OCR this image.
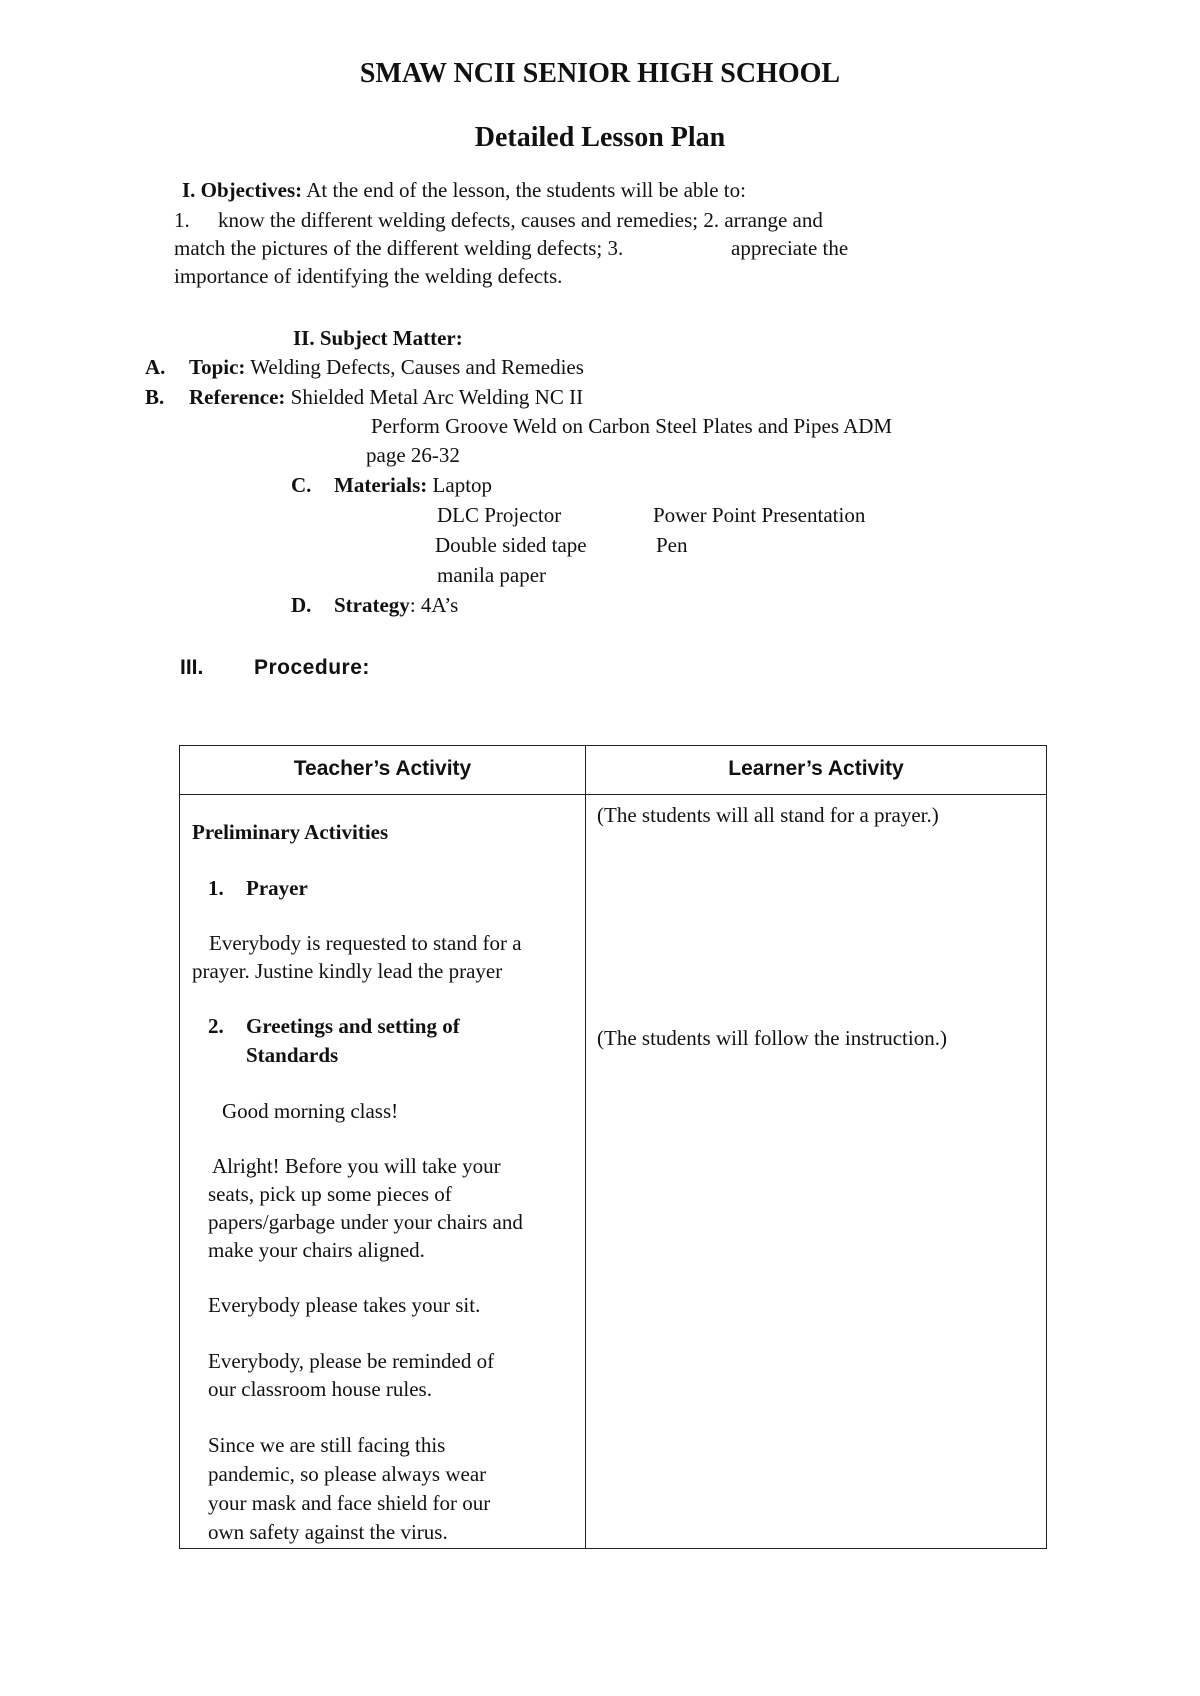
SMAW NCII SENIOR HIGH SCHOOL
Detailed Lesson Plan
I. Objectives: At the end of the lesson, the students will be able to:
1. know the different welding defects, causes and remedies; 2. arrange and
match the pictures of the different welding defects; 3.	appreciate the
importance of identifying the welding defects.
II. Subject Matter:
A. Topic: Welding Defects, Causes and Remedies
B. Reference: Shielded Metal Arc Welding NC II
Perform Groove Weld on Carbon Steel Plates and Pipes ADM
page 26-32
C. Materials: Laptop
DLC Projector	Power Point Presentation
Double sided tape	Pen
manila paper
D. Strategy: 4A’s
III. Procedure:
Teacher’s Activity	Learner’s Activity
Preliminary Activities
1. Prayer
Everybody is requested to stand for a
prayer. Justine kindly lead the prayer
2. Greetings and setting of
Standards
Good morning class!
Alright! Before you will take your
seats, pick up some pieces of
papers/garbage under your chairs and
make your chairs aligned.
Everybody please takes your sit.
Everybody, please be reminded of
our classroom house rules.
Since we are still facing this
pandemic, so please always wear
your mask and face shield for our
own safety against the virus.
(The students will all stand for a prayer.)
(The students will follow the instruction.)
